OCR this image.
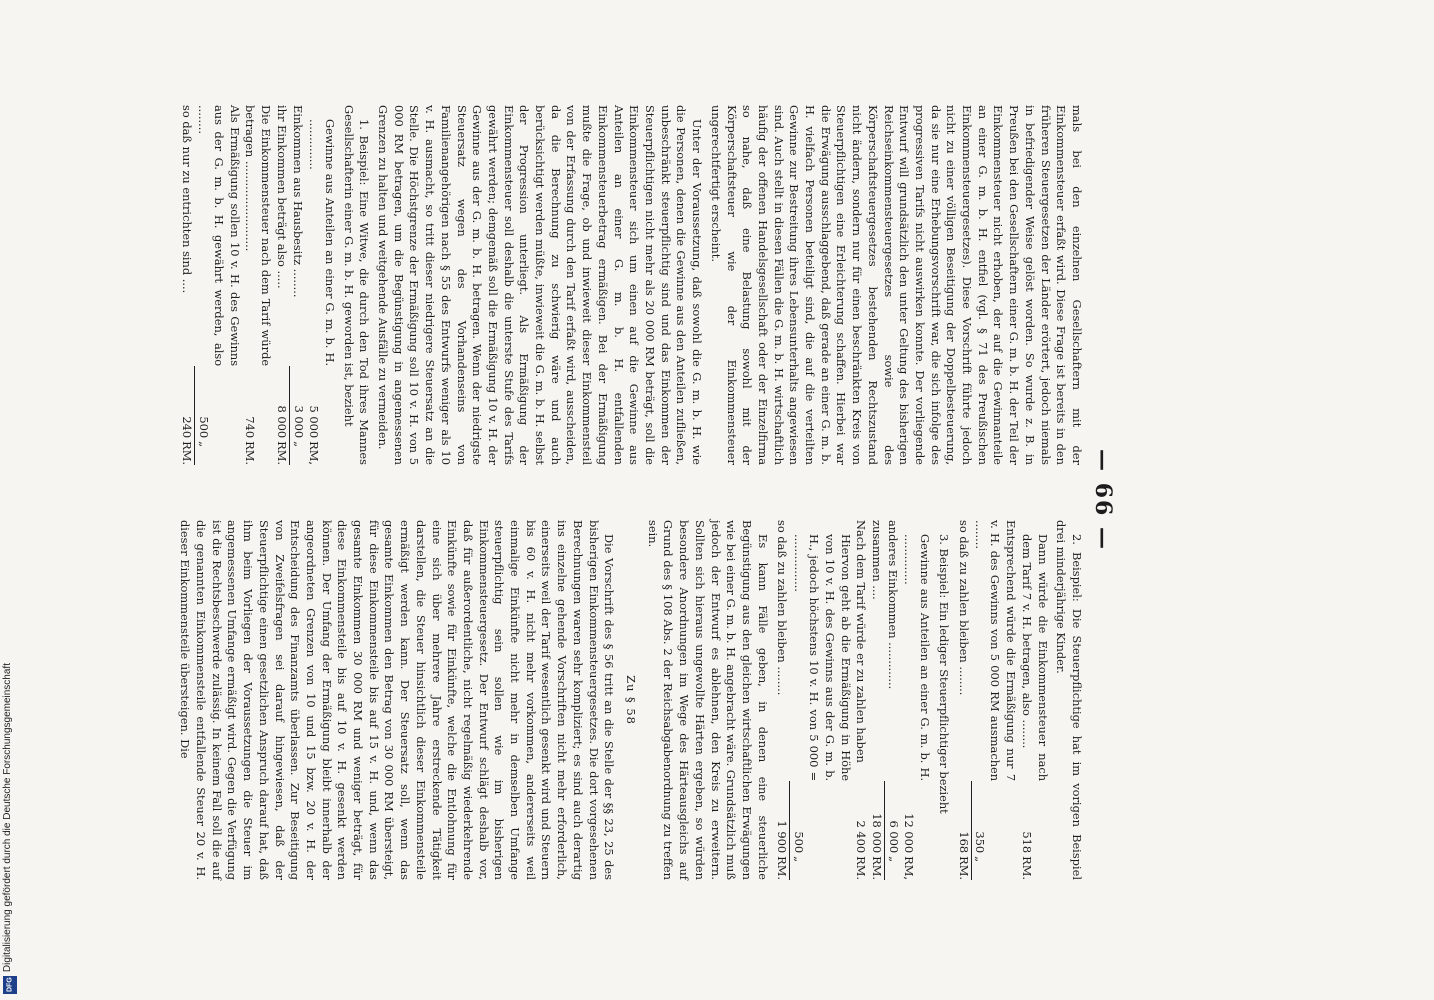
— 66 —

mals bei den einzelnen Gesellschaftern mit der Einkommensteuer erfaßt wird. Diese Frage ist bereits in den früheren Steuergesetzen der Länder erörtert, jedoch niemals in befriedigender Weise gelöst worden. So wurde z. B. in Preußen bei den Gesellschaftern einer G. m. b. H. der Teil der Einkommensteuer nicht erhoben, der auf die Gewinnanteile an einer G. m. b. H. entfiel (vgl. § 71 des Preußischen Einkommensteuergesetzes). Diese Vorschrift führte jedoch nicht zu einer völligen Beseitigung der Doppelbesteuerung, da sie nur eine Erhebungsvorschrift war, die sich infolge des progressiven Tarifs nicht auswirken konnte. Der vorliegende Entwurf will grundsätzlich den unter Geltung des bisherigen Reichseinkommensteuergesetzes sowie des Körperschaftsteuergesetzes bestehenden Rechtszustand nicht ändern, sondern nur für einen beschränkten Kreis von Steuerpflichtigen eine Erleichterung schaffen. Hierbei war die Erwägung ausschlaggebend, daß gerade an einer G. m. b. H. vielfach Personen beteiligt sind, die auf die verteilten Gewinne zur Bestreitung ihres Lebensunterhalts angewiesen sind. Auch stellt in diesen Fällen die G. m. b. H. wirtschaftlich häufig der offenen Handelsgesellschaft oder der Einzelfirma so nahe, daß eine Belastung sowohl mit der Körperschaftsteuer wie der Einkommensteuer ungerechtfertigt erscheint.

Unter der Voraussetzung, daß sowohl die G. m. b. H. wie die Personen, denen die Gewinne aus den Anteilen zufließen, unbeschränkt steuerpflichtig sind und das Einkommen der Steuerpflichtigen nicht mehr als 20 000 RM beträgt, soll die Einkommensteuer sich um einen auf die Gewinne aus Anteilen an einer G. m. b. H. entfallenden Einkommensteuerbetrag ermäßigen. Bei der Ermäßigung mußte die Frage, ob und inwieweit dieser Einkommensteil von der Erfassung durch den Tarif erfaßt wird, ausscheiden, da die Berechnung zu schwierig wäre und auch berücksichtigt werden müßte, inwieweit die G. m. b. H. selbst der Progression unterliegt. Als Ermäßigung der Einkommensteuer soll deshalb die unterste Stufe des Tarifs gewährt werden; demgemäß soll die Ermäßigung 10 v. H. der Gewinne aus der G. m. b. H. betragen. Wenn der niedrigste Steuersatz wegen des Vorhandenseins von Familienangehörigen nach § 55 des Entwurfs weniger als 10 v. H. ausmacht, so tritt dieser niedrigere Steuersatz an die Stelle. Die Höchstgrenze der Ermäßigung soll 10 v. H. von 5 000 RM betragen, um die Begünstigung in angemessenen Grenzen zu halten und weitgehende Ausfälle zu vermeiden.

1. Beispiel: Eine Witwe, die durch den Tod ihres Mannes Gesellschafterin einer G. m. b. H. geworden ist, bezieht

Gewinne aus Anteilen an einer G. m. b. H. ..............	5 000	RM,
Einkommen aus Hausbesitz ........	3 000	„
ihr Einkommen beträgt also .....	8 000	RM.
Die Einkommensteuer nach dem Tarif würde betragen .........................	740	RM.
Als Ermäßigung sollen 10 v. H. des Gewinns aus der G. m. b. H. gewährt werden, also ........	500	„
so daß nur zu entrichten sind ....	240	RM.

2. Beispiel: Die Steuerpflichtige hat im vorigen Beispiel drei minderjährige Kinder.

Dann würde die Einkommensteuer nach dem Tarif 7 v. H. betragen, also ........	518	RM.
Entsprechend würde die Ermäßigung nur 7 v. H. des Gewinns von 5 000 RM ausmachen ........	350	„
so daß zu zahlen bleiben ........	168	RM.

3. Beispiel: Ein lediger Steuerpflichtiger bezieht

Gewinne aus Anteilen an einer G. m. b. H. ..............	12 000	RM,
anderes Einkommen .............	6 000	„
zusammen ....	18 000	RM.
Nach dem Tarif würde er zu zahlen haben	2 400	RM.
Hiervon geht ab die Ermäßigung in Höhe von 10 v. H. des Gewinns aus der G. m. b. H., jedoch höchstens 10 v. H. von 5 000 = ................	500	„
so daß zu zahlen bleiben ........	1 900	RM.

Es kann Fälle geben, in denen eine steuerliche Begünstigung aus den gleichen wirtschaftlichen Erwägungen wie bei einer G. m. b. H. angebracht wäre. Grundsätzlich muß jedoch der Entwurf es ablehnen, den Kreis zu erweitern. Sollten sich hieraus ungewollte Härten ergeben, so würden besondere Anordnungen im Wege des Härteausgleichs auf Grund des § 108 Abs. 2 der Reichsabgabenordnung zu treffen sein.

Zu § 58

Die Vorschrift des § 56 tritt an die Stelle der §§ 23, 25 des bisherigen Einkommensteuergesetzes. Die dort vorgesehenen Berechnungen waren sehr kompliziert; es sind auch derartig ins einzelne gehende Vorschriften nicht mehr erforderlich, einerseits weil der Tarif wesentlich gesenkt wird und Steuern bis 60 v. H. nicht mehr vorkommen, andererseits weil einmalige Einkünfte nicht mehr in demselben Umfange steuerpflichtig sein sollen wie im bisherigen Einkommensteuergesetz. Der Entwurf schlägt deshalb vor, daß für außerordentliche, nicht regelmäßig wiederkehrende Einkünfte sowie für Einkünfte, welche die Entlohnung für eine sich über mehrere Jahre erstreckende Tätigkeit darstellen, die Steuer hinsichtlich dieser Einkommensteile ermäßigt werden kann. Der Steuersatz soll, wenn das gesamte Einkommen den Betrag von 30 000 RM übersteigt, für diese Einkommensteile bis auf 15 v. H. und, wenn das gesamte Einkommen 30 000 RM und weniger beträgt, für diese Einkommensteile bis auf 10 v. H. gesenkt werden können. Der Umfang der Ermäßigung bleibt innerhalb der angeordneten Grenzen von 10 und 15 bzw. 20 v. H. der Entscheidung des Finanzamts überlassen. Zur Beseitigung von Zweifelsfragen sei darauf hingewiesen, daß der Steuerpflichtige einen gesetzlichen Anspruch darauf hat, daß ihm beim Vorliegen der Voraussetzungen die Steuer im angemessenen Umfange ermäßigt wird. Gegen die Verfügung ist die Rechtsbeschwerde zulässig. In keinem Fall soll die auf die genannten Einkommensteile entfallende Steuer 20 v. H. dieser Einkommensteile übersteigen. Die

Digitalisierung gefördert durch die Deutsche Forschungsgemeinschaft
DFG
